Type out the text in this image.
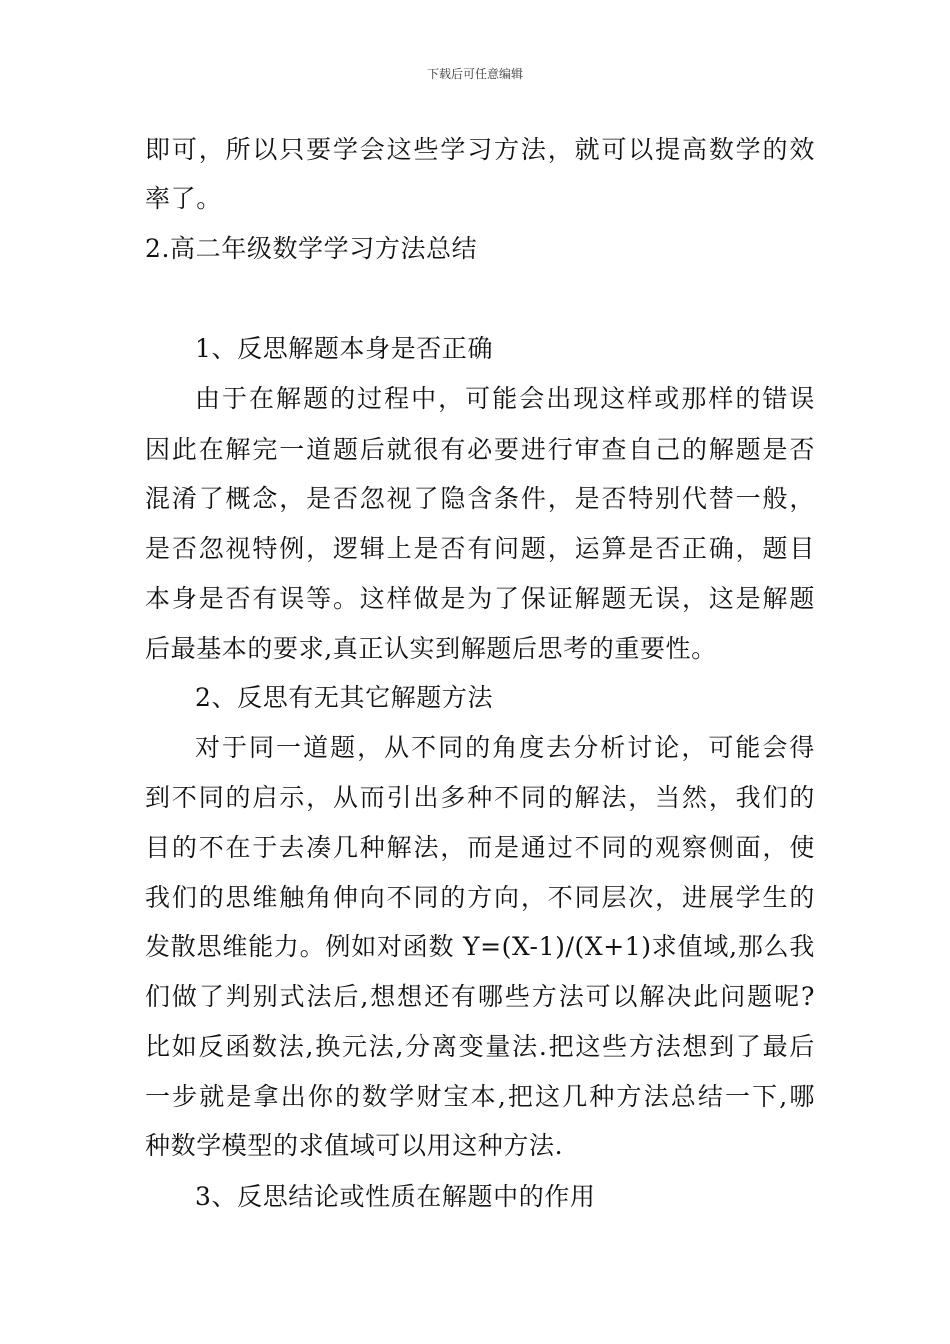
下载后可任意编辑
即可，所以只要学会这些学习方法，就可以提高数学的效
率了。
2.高二年级数学学习方法总结
1、反思解题本身是否正确
由于在解题的过程中，可能会出现这样或那样的错误
因此在解完一道题后就很有必要进行审查自己的解题是否
混淆了概念，是否忽视了隐含条件，是否特别代替一般，
是否忽视特例，逻辑上是否有问题，运算是否正确，题目
本身是否有误等。这样做是为了保证解题无误，这是解题
后最基本的要求,真正认实到解题后思考的重要性。
2、反思有无其它解题方法
对于同一道题，从不同的角度去分析讨论，可能会得
到不同的启示，从而引出多种不同的解法，当然，我们的
目的不在于去凑几种解法，而是通过不同的观察侧面，使
我们的思维触角伸向不同的方向，不同层次，进展学生的
发散思维能力。例如对函数 Y=(X-1)/(X+1)求值域,那么我
们做了判别式法后,想想还有哪些方法可以解决此问题呢?
比如反函数法,换元法,分离变量法.把这些方法想到了最后
一步就是拿出你的数学财宝本,把这几种方法总结一下,哪
种数学模型的求值域可以用这种方法.
3、反思结论或性质在解题中的作用
